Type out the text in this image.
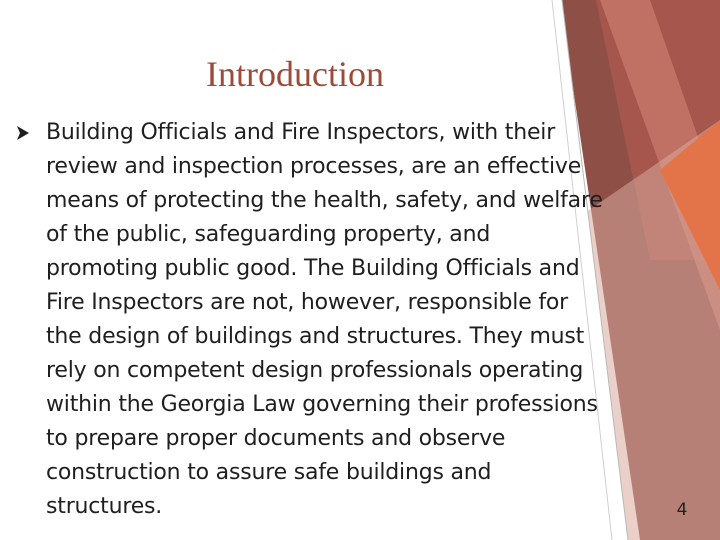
Introduction
Building Officials and Fire Inspectors, with their review and inspection processes, are an effective means of protecting the health, safety, and welfare of the public, safeguarding property, and promoting public good. The Building Officials and Fire Inspectors are not, however, responsible for the design of buildings and structures. They must rely on competent design professionals operating within the Georgia Law governing their professions to prepare proper documents and observe construction to assure safe buildings and structures.	4
